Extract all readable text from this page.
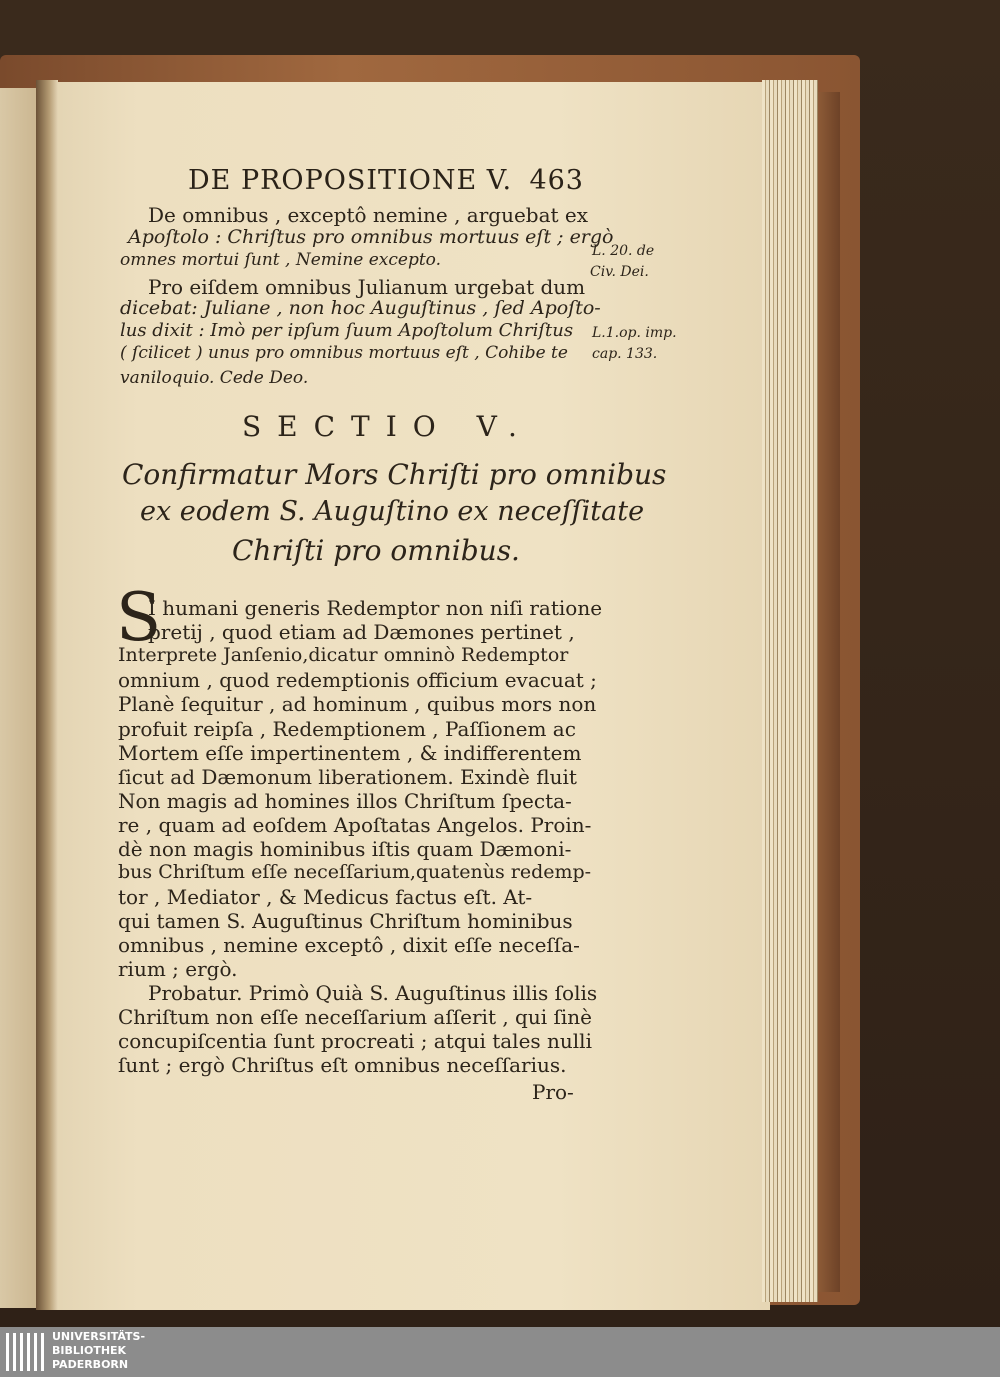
DE PROPOSITIONE V. 463
De omnibus , exceptô nemine , arguebat ex
Apoſtolo : Chriſtus pro omnibus mortuus eſt ; ergò
omnes mortui ſunt , Nemine excepto.
Pro eiſdem omnibus Julianum urgebat dum
dicebat: Juliane , non hoc Auguſtinus , ſed Apoſto-
lus dixit : Imò per ipſum ſuum Apoſtolum Chriſtus
( ſcilicet ) unus pro omnibus mortuus eſt , Cohibe te
vaniloquio. Cede Deo.
L. 20. de
Civ. Dei.
L.1.op. imp.
cap. 133.
SECTIO V.
Confirmatur Mors Chriſti pro omnibus
ex eodem S. Auguſtino ex neceſſitate
Chriſti pro omnibus.
S
I humani generis Redemptor non niſi ratione
pretij , quod etiam ad Dæmones pertinet ,
Interprete Janſenio,dicatur omninò Redemptor
omnium , quod redemptionis officium evacuat ;
Planè ſequitur , ad hominum , quibus mors non
profuit reipſa , Redemptionem , Paſſionem ac
Mortem eſſe impertinentem , & indifferentem
ſicut ad Dæmonum liberationem. Exindè fluit
Non magis ad homines illos Chriſtum ſpecta-
re , quam ad eoſdem Apoſtatas Angelos. Proin-
dè non magis hominibus iſtis quam Dæmoni-
bus Chriſtum eſſe neceſſarium,quatenùs redemp-
tor , Mediator , & Medicus factus eſt. At-
qui tamen S. Auguſtinus Chriſtum hominibus
omnibus , nemine exceptô , dixit eſſe neceſſa-
rium ; ergò.
Probatur. Primò Quià S. Auguſtinus illis ſolis
Chriſtum non eſſe neceſſarium aſſerit , qui ſinè
concupiſcentia ſunt procreati ; atqui tales nulli
ſunt ; ergò Chriſtus eſt omnibus neceſſarius.
Pro-
UNIVERSITÄTS-
BIBLIOTHEK
PADERBORN
